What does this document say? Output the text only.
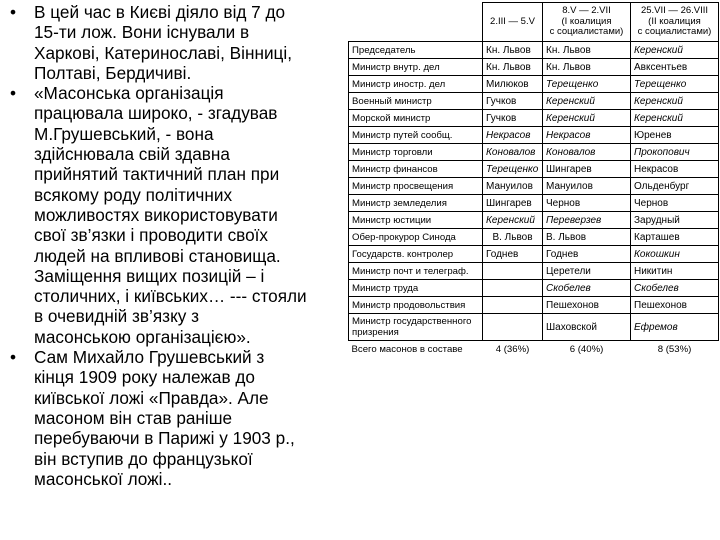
• В цей час в Києві діяло від 7 до
15-ти лож. Вони існували в
Харкові, Катеринославі, Вінниці,
Полтаві, Бердичиві.
• «Масонська організація
працювала широко, - згадував
М.Грушевський, - вона
здійснювала свій здавна
прийнятий тактичний план при
всякому роду політичних
можливостях використовувати
свої зв’язки і проводити своїх
людей на впливові становища.
Заміщення вищих позицій – і
столичних, і київських… --- стояли
в очевидній зв’язку з
масонською організацією».
• Сам Михайло Грушевський з
кінця 1909 року належав до
київської ложі «Правда». Але
масоном він став раніше
перебуваючи в Парижі у 1903 р.,
він вступив до французької
масонської ложі..
	2.III — 5.V	8.V — 2.VII
(I коалиция
с социалистами)	25.VII — 26.VIII
(II коалиция
с социалистами)
Председатель	Кн. Львов	Кн. Львов	Керенский
Министр внутр. дел	Кн. Львов	Кн. Львов	Авксентьев
Министр иностр. дел	Милюков	Терещенко	Терещенко
Военный министр	Гучков	Керенский	Керенский
Морской министр	Гучков	Керенский	Керенский
Министр путей сообщ.	Некрасов	Некрасов	Юренев
Министр торговли	Коновалов	Коновалов	Прокопович
Министр финансов	Терещенко	Шингарев	Некрасов
Министр просвещения	Мануилов	Мануилов	Ольденбург
Министр земледелия	Шингарев	Чернов	Чернов
Министр юстиции	Керенский	Переверзев	Зарудный
Обер-прокурор Синода	В. Львов	В. Львов	Карташев
Государств. контролер	Годнев	Годнев	Кокошкин
Министр почт и телеграф.		Церетели	Никитин
Министр труда		Скобелев	Скобелев
Министр продовольствия		Пешехонов	Пешехонов
Министр государственного
призрения		Шаховской	Ефремов
Всего масонов в составе	4 (36%)	6 (40%)	8 (53%)
